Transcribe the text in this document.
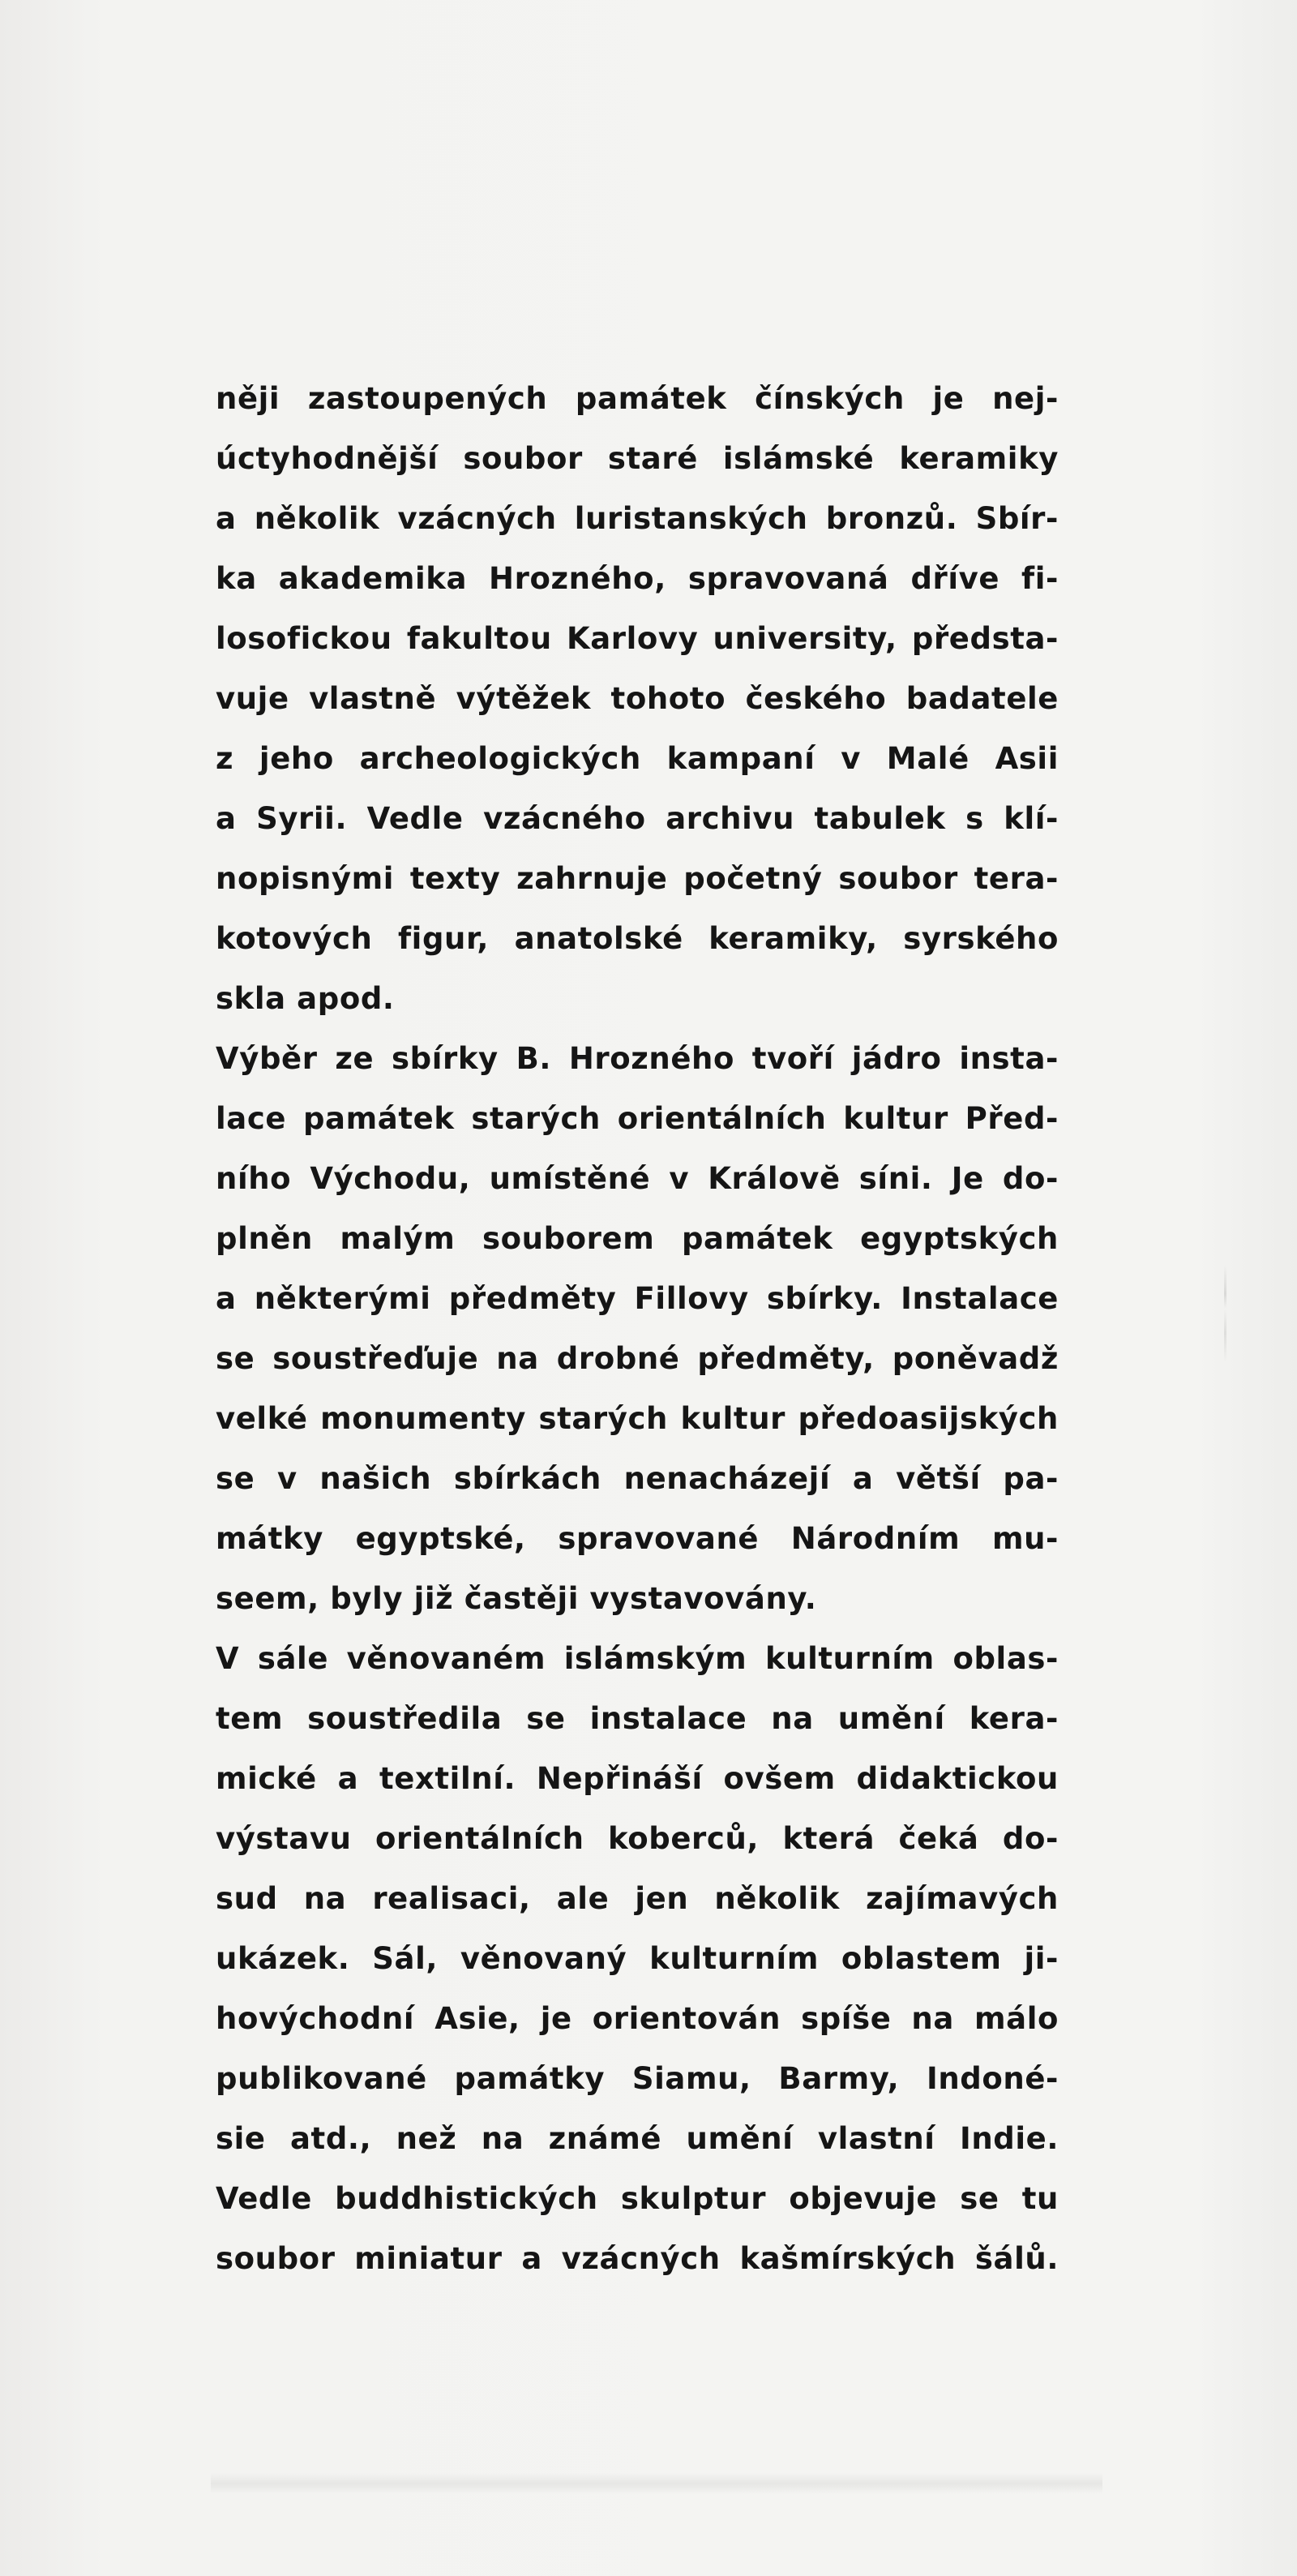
něji zastoupených památek čínských je nej-
úctyhodnější soubor staré islámské keramiky
a několik vzácných luristanských bronzů. Sbír-
ka akademika Hrozného, spravovaná dříve fi-
losofickou fakultou Karlovy university, předsta-
vuje vlastně výtěžek tohoto českého badatele
z jeho archeologických kampaní v Malé Asii
a Syrii. Vedle vzácného archivu tabulek s klí-
nopisnými texty zahrnuje početný soubor tera-
kotových figur, anatolské keramiky, syrského
skla apod.
Výběr ze sbírky B. Hrozného tvoří jádro insta-
lace památek starých orientálních kultur Před-
ního Východu, umístěné v Královĕ síni. Je do-
plněn malým souborem památek egyptských
a některými předměty Fillovy sbírky. Instalace
se soustřeďuje na drobné předměty, poněvadž
velké monumenty starých kultur předoasijských
se v našich sbírkách nenacházejí a větší pa-
mátky egyptské, spravované Národním mu-
seem, byly již častěji vystavovány.
V sále věnovaném islámským kulturním oblas-
tem soustředila se instalace na umění kera-
mické a textilní. Nepřináší ovšem didaktickou
výstavu orientálních koberců, která čeká do-
sud na realisaci, ale jen několik zajímavých
ukázek. Sál, věnovaný kulturním oblastem ji-
hovýchodní Asie, je orientován spíše na málo
publikované památky Siamu, Barmy, Indoné-
sie atd., než na známé umění vlastní Indie.
Vedle buddhistických skulptur objevuje se tu
soubor miniatur a vzácných kašmírských šálů.
